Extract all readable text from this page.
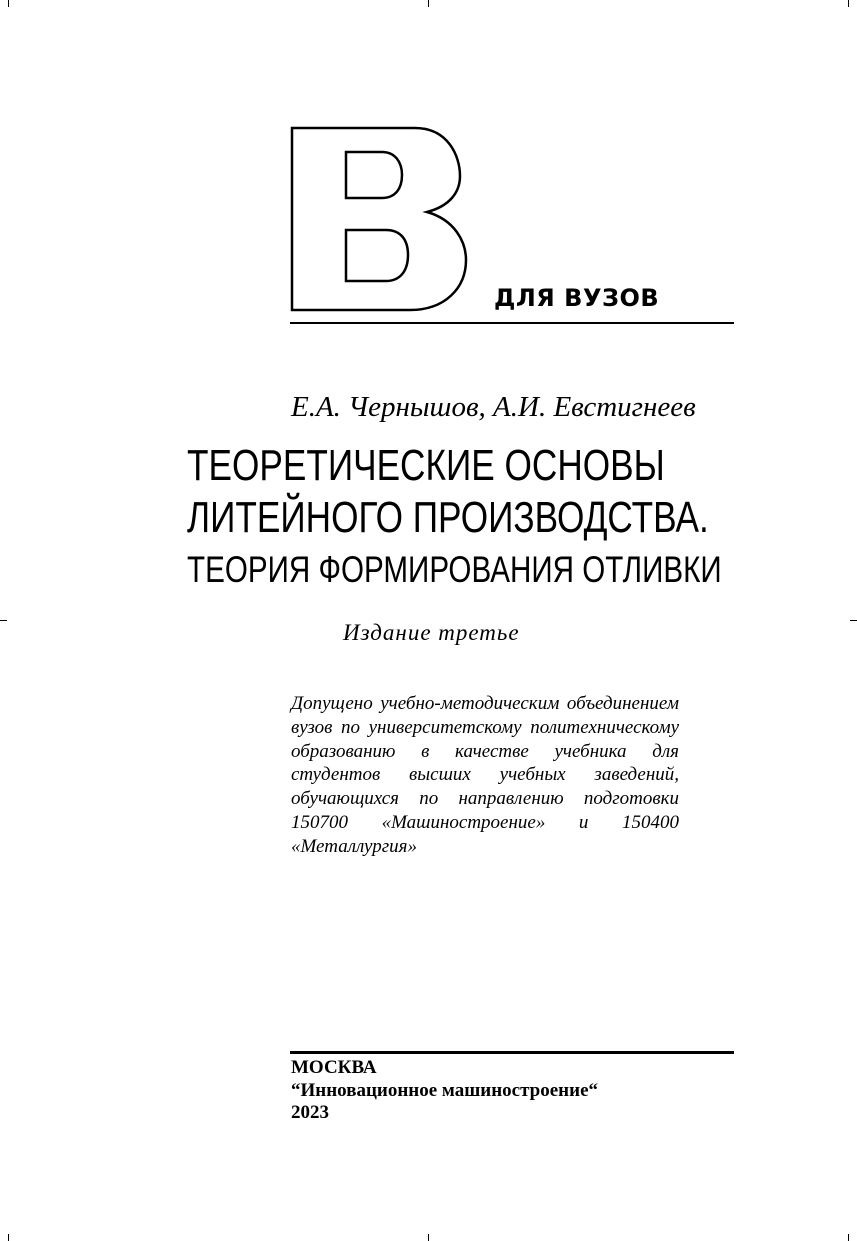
ДЛЯ ВУЗОВ
Е.А. Чернышов, А.И. Евстигнеев
ТЕОРЕТИЧЕСКИЕ ОСНОВЫ
ЛИТЕЙНОГО ПРОИЗВОДСТВА.
ТЕОРИЯ ФОРМИРОВАНИЯ ОТЛИВКИ
Издание третье

Допущено учебно-методическим объединением вузов по университетскому политехническому образованию в качестве учебника для студентов высших учебных заведений, обучающихся по направлению подготовки 150700 «Машиностроение» и 150400 «Металлургия»

МОСКВА
“Инновационное машиностроение“
2023
